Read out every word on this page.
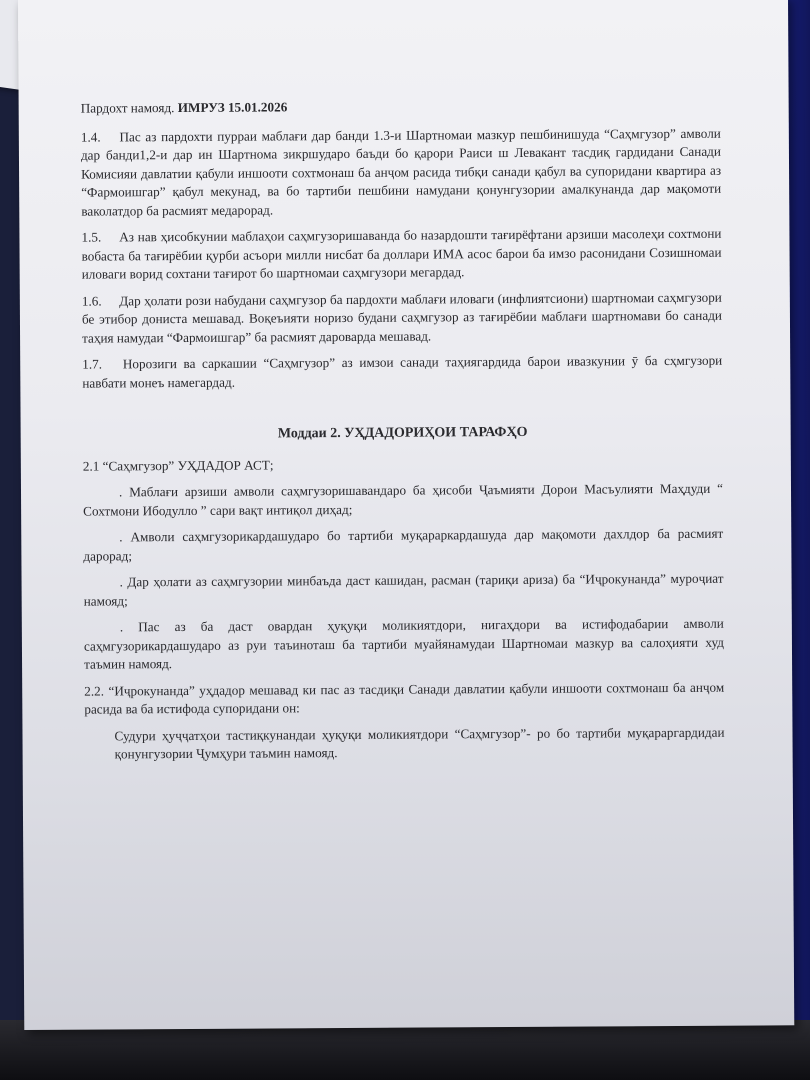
Пардохт намояд. ИМРУЗ 15.01.2026

1.4. Пас аз пардохти пурраи маблағи дар банди 1.3-и Шартномаи мазкур пешбинишуда “Саҳмгузор” амволи дар банди1,2-и дар ин Шартнома зикршударо баъди бо қарори Раиси ш Левакант тасдиқ гардидани Санади Комисияи давлатии қабули иншооти сохтмонаш ба анҷом расида тибқи санади қабул ва супоридани квартира аз “Фармоишгар” қабул мекунад, ва бо тартиби пешбини намудани қонунгузории амалкунанда дар мақомоти ваколатдор ба расмият медарорад.

1.5. Аз нав ҳисобкунии маблаҳои саҳмгузоришаванда бо назардошти тағирёфтани арзиши масолеҳи сохтмони вобаста ба тағирёбии қурби асъори милли нисбат ба доллари ИМА асос барои ба имзо расонидани Созишномаи иловаги ворид сохтани тағирот бо шартномаи саҳмгузори мегардад.

1.6. Дар ҳолати рози набудани саҳмгузор ба пардохти маблағи иловаги (инфлиятсиони) шартномаи саҳмгузори бе этибор дониста мешавад. Воқеъияти норизо будани саҳмгузор аз тағирёбии маблағи шартномави бо санади таҳия намудаи “Фармоишгар” ба расмият даровардa мешавад.

1.7. Норозиги ва саркашии “Саҳмгузор” аз имзои санади таҳиягардида барои ивазкунии ӯ ба сҳмгузори навбати монеъ намегардад.

Моддаи 2. УҲДАДОРИҲОИ ТАРАФҲО

2.1 “Саҳмгузор” УҲДАДОР АСТ;

. Маблағи арзиши амволи саҳмгузоришавандаро ба ҳисоби Ҷаъмияти Дорои Масъулияти Маҳдуди “ Сохтмони Ибодулло ” сари вақт интиқол диҳад;

. Амволи саҳмгузорикардашударо бо тартиби муқараркардашуда дар мақомоти дахлдор ба расмият дарорад;

. Дар ҳолати аз саҳмгузории минбаъда даст кашидан, расман (тариқи ариза) ба “Иҷрокунанда” муроҷиат намояд;

. Пас аз ба даст овардан ҳуқуқи моликиятдори, нигаҳдори ва истифодабарии амволи саҳмгузорикардашударо аз руи таъиноташ ба тартиби муайянамудаи Шартномаи мазкур ва салоҳияти худ таъмин намояд.

2.2. “Иҷрокунанда” уҳдадор мешавад ки пас аз тасдиқи Санади давлатии қабули иншооти сохтмонаш ба анҷом расида ва ба истифода супоридани он:

Судури ҳуҷҷатҳои тастиқкунандаи ҳуқуқи моликиятдори “Саҳмгузор”- ро бо тартиби муқараргардидаи қонунгузории Ҷумҳури таъмин намояд.
